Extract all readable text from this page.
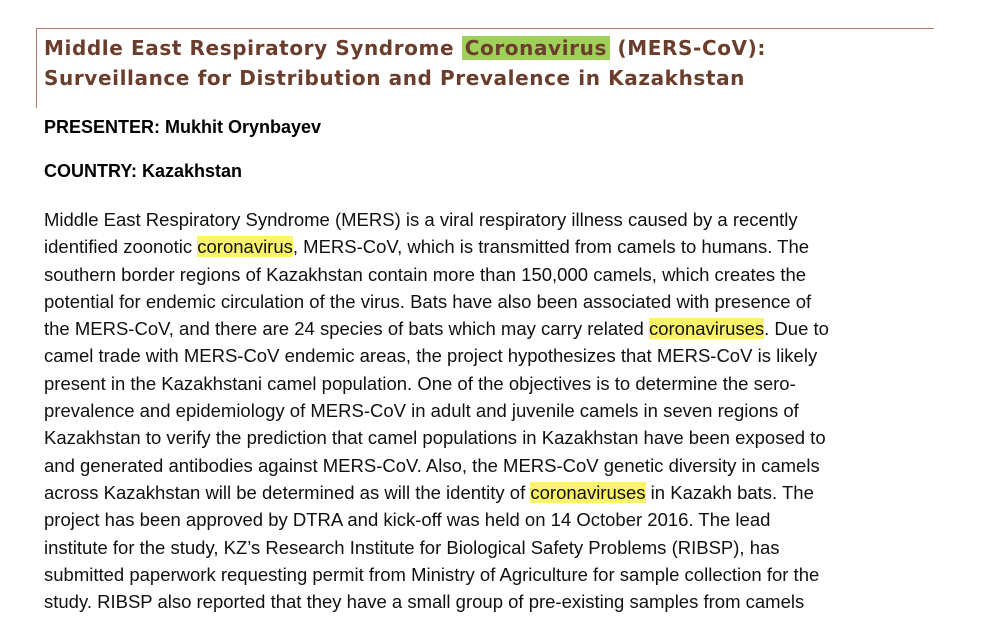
Middle East Respiratory Syndrome Coronavirus (MERS-CoV):

Surveillance for Distribution and Prevalence in Kazakhstan

PRESENTER: Mukhit Orynbayev

COUNTRY: Kazakhstan

Middle East Respiratory Syndrome (MERS) is a viral respiratory illness caused by a recently
identified zoonotic coronavirus, MERS-CoV, which is transmitted from camels to humans. The
southern border regions of Kazakhstan contain more than 150,000 camels, which creates the
potential for endemic circulation of the virus. Bats have also been associated with presence of
the MERS-CoV, and there are 24 species of bats which may carry related coronaviruses. Due to
camel trade with MERS-CoV endemic areas, the project hypothesizes that MERS-CoV is likely
present in the Kazakhstani camel population. One of the objectives is to determine the sero-
prevalence and epidemiology of MERS-CoV in adult and juvenile camels in seven regions of
Kazakhstan to verify the prediction that camel populations in Kazakhstan have been exposed to
and generated antibodies against MERS-CoV. Also, the MERS-CoV genetic diversity in camels
across Kazakhstan will be determined as will the identity of coronaviruses in Kazakh bats. The
project has been approved by DTRA and kick-off was held on 14 October 2016. The lead
institute for the study, KZ’s Research Institute for Biological Safety Problems (RIBSP), has
submitted paperwork requesting permit from Ministry of Agriculture for sample collection for the
study. RIBSP also reported that they have a small group of pre-existing samples from camels
